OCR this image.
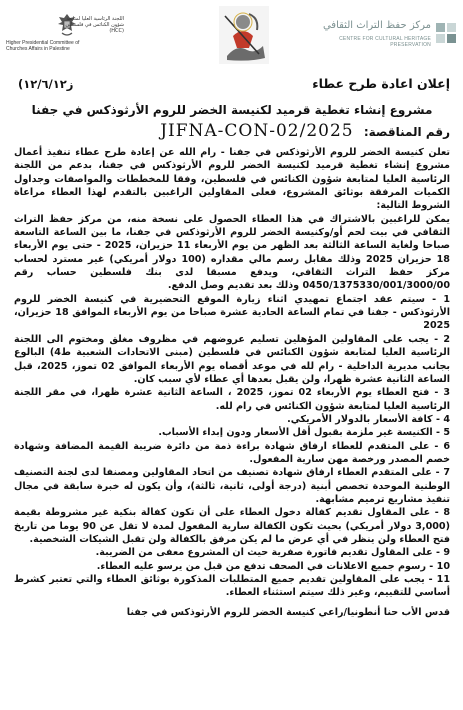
Higher Presidential Committee of Churches Affairs in Palestine
اللجنة الرئاسية العليا لمتابعة شؤون الكنائس في فلسطين (HCC)	مركز حفظ التراث الثقافي
CENTRE FOR CULTURAL HERITAGE PRESERVATION
إعلان اعادة طرح عطاء
ز١٢/٦/١٢)
مشروع إنشاء تغطية قرميد لكنيسة الخضر للروم الأرثوذكس في جفنا
رقم المناقصة: JIFNA-CON-02/2025

تعلن كنيسة الخضر للروم الأرثوذكس في جفنا - رام الله عن إعادة طرح عطاء تنفيذ أعمال مشروع إنشاء تغطية قرميد لكنيسة الخضر للروم الأرثوذكس في جفنا، بدعم من اللجنة الرئاسية العليا لمتابعة شؤون الكنائس في فلسطين، وفقا للمخططات والمواصفات وجداول الكميات المرفقة بوثائق المشروع، فعلى المقاولين الراغبين بالتقدم لهذا العطاء مراعاة الشروط التالية:

يمكن للراغبين بالاشتراك في هذا العطاء الحصول على نسخة منه، من مركز حفظ التراث الثقافي في بيت لحم أو/وكنيسة الخضر للروم الأرثوذكس في جفنا، ما بين الساعة التاسعة صباحا ولغاية الساعة الثالثة بعد الظهر من يوم الأربعاء 11 حزيران، 2025 - حتى يوم الأربعاء 18 حزيران 2025 وذلك مقابل رسم مالي مقداره (100 دولار أمريكي) غير مسترد لحساب مركز حفظ التراث الثقافي، ويدفع مسبقا لدى بنك فلسطين حساب رقم 0450/1375330/001/3000/00 وذلك بعد تقديم وصل الدفع.

1 - سيتم عقد اجتماع تمهيدي اثناء زيارة الموقع التحضيرية في كنيسة الخضر للروم الأرثوذكس - جفنا في تمام الساعة الحادية عشرة صباحا من يوم الأربعاء الموافق 18 حزيران، 2025

2 - يجب على المقاولين المؤهلين تسليم عروضهم في مظروف مغلق ومختوم الى اللجنة الرئاسية العليا لمتابعة شؤون الكنائس في فلسطين (مبنى الاتحادات الشعبية ط4) البالوع بجانب مديرية الداخلية - رام لله في موعد أقصاه يوم الأربعاء الموافق 02 تموز، 2025، قبل الساعة الثانية عشرة ظهرا، ولن يقبل بعدها أي عطاء لأي سبب كان.

3 - فتح العطاء يوم الأربعاء 02 تموز، 2025 ، الساعة الثانية عشرة ظهرا، في مقر اللجنة الرئاسية العليا لمتابعة شؤون الكنائس في رام لله.

4 - كافة الأسعار بالدولار الأمريكي.

5 - الكنيسة غير ملزمة بقبول أقل الأسعار ودون إبداء الأسباب.

6 - على المتقدم للعطاء ارفاق شهادة براءة ذمة من دائرة ضريبة القيمة المضافة وشهادة خصم المصدر ورخصة مهن سارية المفعول.

7 - على المتقدم العطاء ارفاق شهادة تصنيف من اتحاد المقاولين ومصنفا لدى لجنة التصنيف الوطنية الموحدة تخصص أبنية (درجة أولى، ثانية، ثالثة)، وأن يكون له خبرة سابقة في مجال تنفيذ مشاريع ترميم مشابهة.

8 - على المقاول تقديم كفالة دخول العطاء على أن تكون كفالة بنكية غير مشروطة بقيمة (3,000 دولار أمريكي) بحيث تكون الكفالة سارية المفعول لمدة لا تقل عن 90 يوما من تاريخ فتح العطاء ولن ينظر في أي عرض ما لم يكن مرفق بالكفالة ولن تقبل الشيكات الشخصية.

9 - على المقاول تقديم فاتورة صفرية حيث ان المشروع معفى من الضريبة.

10 - رسوم جميع الاعلانات في الصحف تدفع من قبل من يرسو عليه العطاء.

11 - يجب على المقاولين تقديم جميع المتطلبات المذكورة بوثائق العطاء والتي تعتبر كشرط أساسي للتقييم، وغير ذلك سيتم استثناء العطاء.

قدس الأب حنا أنطونيا/راعي كنيسة الخضر للروم الأرثوذكس في جفنا
